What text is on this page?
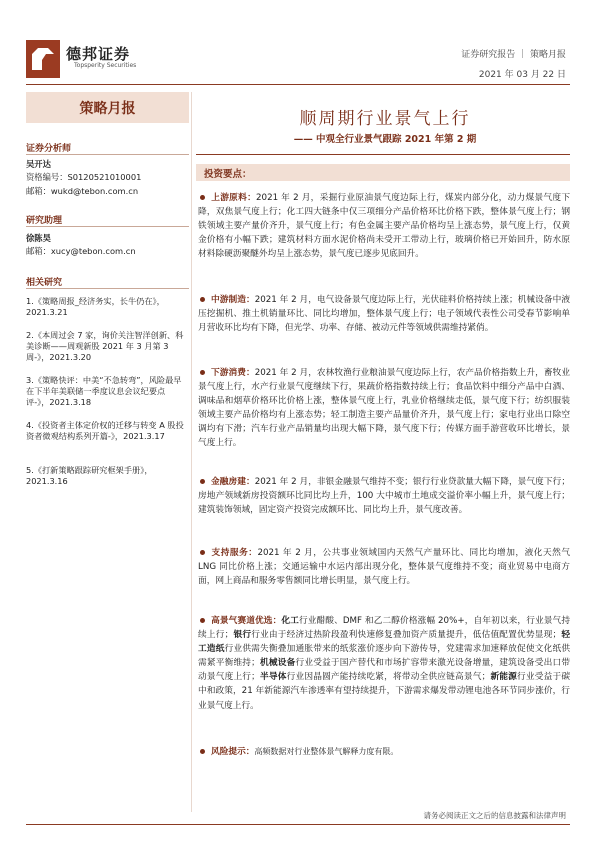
德邦证券
Topsperity Securities
证券研究报告 ｜ 策略月报
2021 年 03 月 22 日
策略月报
证券分析师
吴开达
资格编号：S0120521010001
邮箱：wukd@tebon.com.cn
研究助理
徐陈昊
邮箱：xucy@tebon.com.cn
相关研究
1.《策略周报_经济务实，长牛仍在》，2021.3.21
2.《本周过会 7 家，询价关注智洋创新、科美诊断——周观新股 2021 年 3 月第 3 周-》，2021.3.20
3.《策略快评：中美“不急转弯”，风险最早在下半年美联储一季度议息会议纪要点评-》，2021.3.18
4.《投资者主体定价权的迁移与转变 A 股投资者微观结构系列开篇-》，2021.3.17
5.《打新策略跟踪研究框架手册》，2021.3.16
顺周期行业景气上行
—— 中观全行业景气跟踪 2021 年第 2 期
投资要点：
上游原料：2021 年 2 月，采掘行业原油景气度边际上行，煤炭内部分化，动力煤景气度下降，双焦景气度上行；化工四大链条中仅三项细分产品价格环比价格下跌，整体景气度上行；钢铁领域主要产量价齐升，景气度上行；有色金属主要产品价格均呈上涨态势，景气度上行，仅黄金价格有小幅下跌；建筑材料方面水泥价格尚未受开工带动上行，玻璃价格已开始回升，防水原材料除硬沥聚醚外均呈上涨态势，景气度已逐步见底回升。
中游制造：2021 年 2 月，电气设备景气度边际上行，光伏硅料价格持续上涨；机械设备中液压挖掘机、推土机销量环比、同比均增加，整体景气度上行；电子领域代表性公司受春节影响单月营收环比均有下降，但光学、功率、存储、被动元件等领域供需维持紧俏。
下游消费：2021 年 2 月，农林牧渔行业粮油景气度边际上行，农产品价格指数上升，畜牧业景气度上行，水产行业景气度继续下行，果蔬价格指数持续上行；食品饮料中细分产品中白酒、调味品和烟草价格环比价格上涨，整体景气度上行，乳业价格继续走低，景气度下行；纺织服装领域主要产品价格均有上涨态势；轻工制造主要产品量价齐升，景气度上行；家电行业出口除空调均有下滑；汽车行业产品销量均出现大幅下降，景气度下行；传媒方面手游营收环比增长，景气度上行。
金融房建：2021 年 2 月，非银金融景气维持不变；银行行业贷款量大幅下降，景气度下行；房地产领域新房投资额环比同比均上升，100 大中城市土地成交溢价率小幅上升，景气度上行；建筑装饰领域，固定资产投资完成额环比、同比均上升，景气度改善。
支持服务：2021 年 2 月，公共事业领域国内天然气产量环比、同比均增加，液化天然气 LNG 同比价格上涨；交通运输中水运内部出现分化，整体景气度维持不变；商业贸易中电商方面，网上商品和服务零售额同比增长明显，景气度上行。
高景气赛道优选：化工行业醋酸、DMF 和乙二醇价格涨幅 20%+，自年初以来，行业景气持续上行；银行行业由于经济过热阶段盈利快速修复叠加资产质量提升，低估值配置优势显现；轻工造纸行业供需失衡叠加通胀带来的纸浆涨价逐步向下游传导，党建需求加速释放促使文化纸供需紧平衡维持；机械设备行业受益于国产替代和市场扩容带来激光设备增量，建筑设备受出口带动景气度上行；半导体行业因晶圆产能持续吃紧，将带动全供应链高景气；新能源行业受益于碳中和政策，21 年新能源汽车渗透率有望持续提升，下游需求爆发带动锂电池各环节同步涨价，行业景气度上行。
风险提示：高频数据对行业整体景气解释力度有限。
请务必阅读正文之后的信息披露和法律声明
